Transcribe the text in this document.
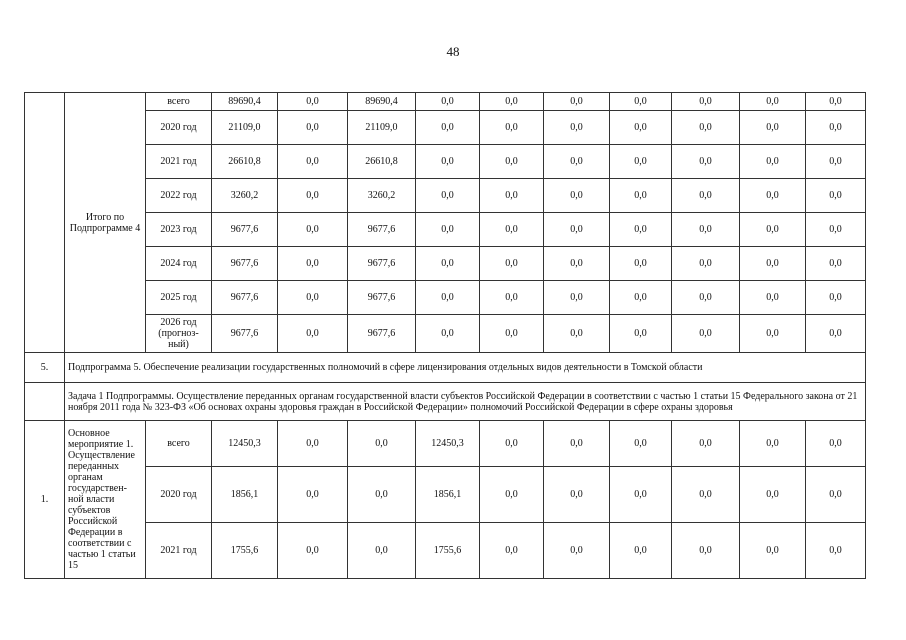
48
	Итого по Подпрограмме 4	всего	89690,4	0,0	89690,4	0,0	0,0	0,0	0,0	0,0	0,0	0,0
		2020 год	21109,0	0,0	21109,0	0,0	0,0	0,0	0,0	0,0	0,0	0,0
		2021 год	26610,8	0,0	26610,8	0,0	0,0	0,0	0,0	0,0	0,0	0,0
		2022 год	3260,2	0,0	3260,2	0,0	0,0	0,0	0,0	0,0	0,0	0,0
		2023 год	9677,6	0,0	9677,6	0,0	0,0	0,0	0,0	0,0	0,0	0,0
		2024 год	9677,6	0,0	9677,6	0,0	0,0	0,0	0,0	0,0	0,0	0,0
		2025 год	9677,6	0,0	9677,6	0,0	0,0	0,0	0,0	0,0	0,0	0,0
		2026 год (прогноз-ный)	9677,6	0,0	9677,6	0,0	0,0	0,0	0,0	0,0	0,0	0,0
5.	Подпрограмма 5. Обеспечение реализации государственных полномочий в сфере лицензирования отдельных видов деятельности в Томской области											
	Задача 1 Подпрограммы. Осуществление переданных органам государственной власти субъектов Российской Федерации в соответствии с частью 1 статьи 15 Федерального закона от 21 ноября 2011 года № 323-ФЗ «Об основах охраны здоровья граждан в Российской Федерации» полномочий Российской Федерации в сфере охраны здоровья											
1.	Основное мероприятие 1. Осуществление переданных органам государствен-ной власти субъектов Российской Федерации в соответствии с частью 1 статьи 15	всего	12450,3	0,0	0,0	12450,3	0,0	0,0	0,0	0,0	0,0	0,0
		2020 год	1856,1	0,0	0,0	1856,1	0,0	0,0	0,0	0,0	0,0	0,0
		2021 год	1755,6	0,0	0,0	1755,6	0,0	0,0	0,0	0,0	0,0	0,0
